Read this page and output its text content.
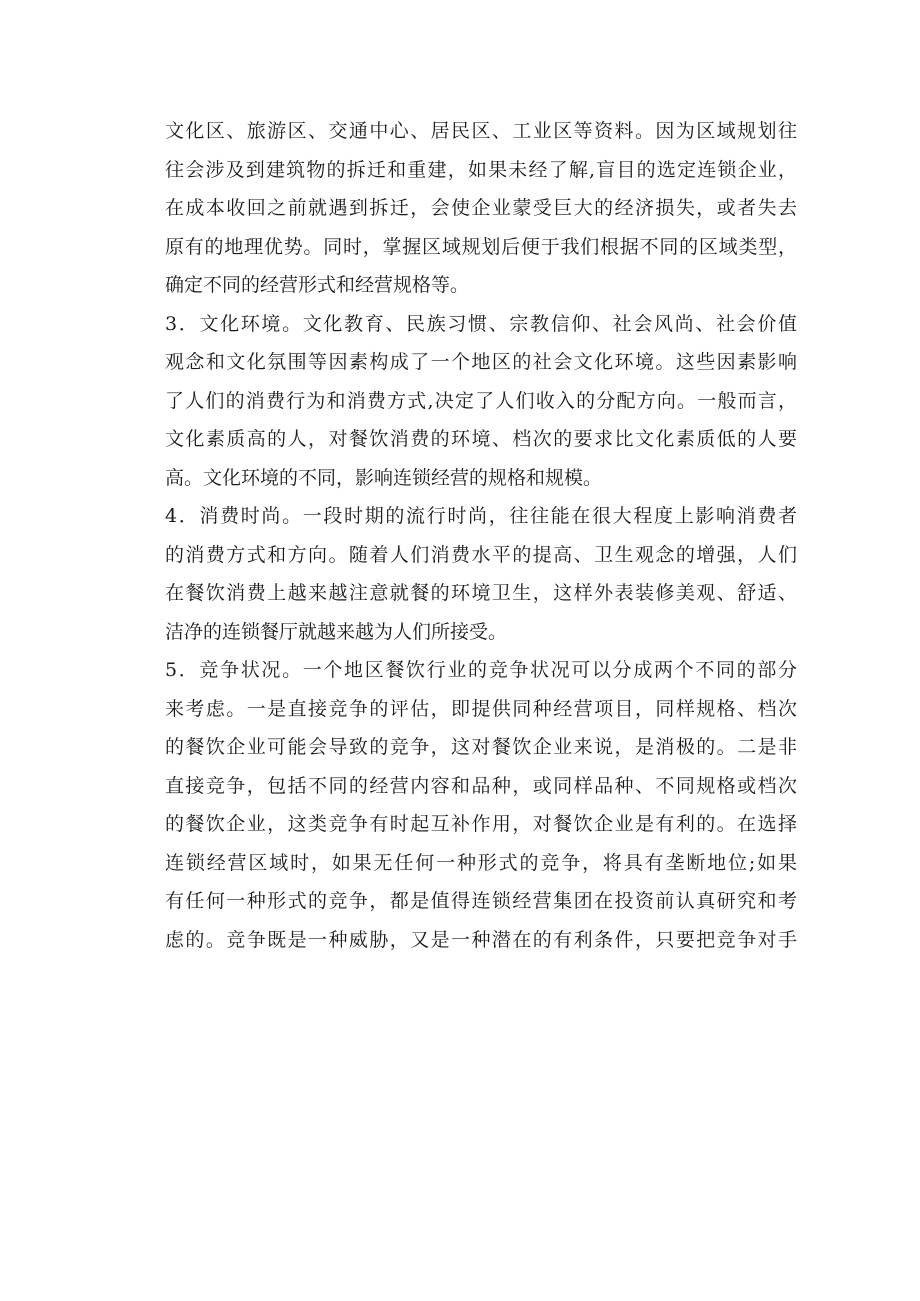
文化区、旅游区、交通中心、居民区、工业区等资料。因为区域规划往
往会涉及到建筑物的拆迁和重建，如果未经了解,盲目的选定连锁企业，
在成本收回之前就遇到拆迁，会使企业蒙受巨大的经济损失，或者失去
原有的地理优势。同时，掌握区域规划后便于我们根据不同的区域类型，
确定不同的经营形式和经营规格等。
3．文化环境。文化教育、民族习惯、宗教信仰、社会风尚、社会价值
观念和文化氛围等因素构成了一个地区的社会文化环境。这些因素影响
了人们的消费行为和消费方式,决定了人们收入的分配方向。一般而言，
文化素质高的人，对餐饮消费的环境、档次的要求比文化素质低的人要
高。文化环境的不同，影响连锁经营的规格和规模。
4．消费时尚。一段时期的流行时尚，往往能在很大程度上影响消费者
的消费方式和方向。随着人们消费水平的提高、卫生观念的增强，人们
在餐饮消费上越来越注意就餐的环境卫生，这样外表装修美观、舒适、
洁净的连锁餐厅就越来越为人们所接受。
5．竞争状况。一个地区餐饮行业的竞争状况可以分成两个不同的部分
来考虑。一是直接竞争的评估，即提供同种经营项目，同样规格、档次
的餐饮企业可能会导致的竞争，这对餐饮企业来说，是消极的。二是非
直接竞争，包括不同的经营内容和品种，或同样品种、不同规格或档次
的餐饮企业，这类竞争有时起互补作用，对餐饮企业是有利的。在选择
连锁经营区域时，如果无任何一种形式的竞争，将具有垄断地位;如果
有任何一种形式的竞争，都是值得连锁经营集团在投资前认真研究和考
虑的。竞争既是一种威胁，又是一种潜在的有利条件，只要把竞争对手
